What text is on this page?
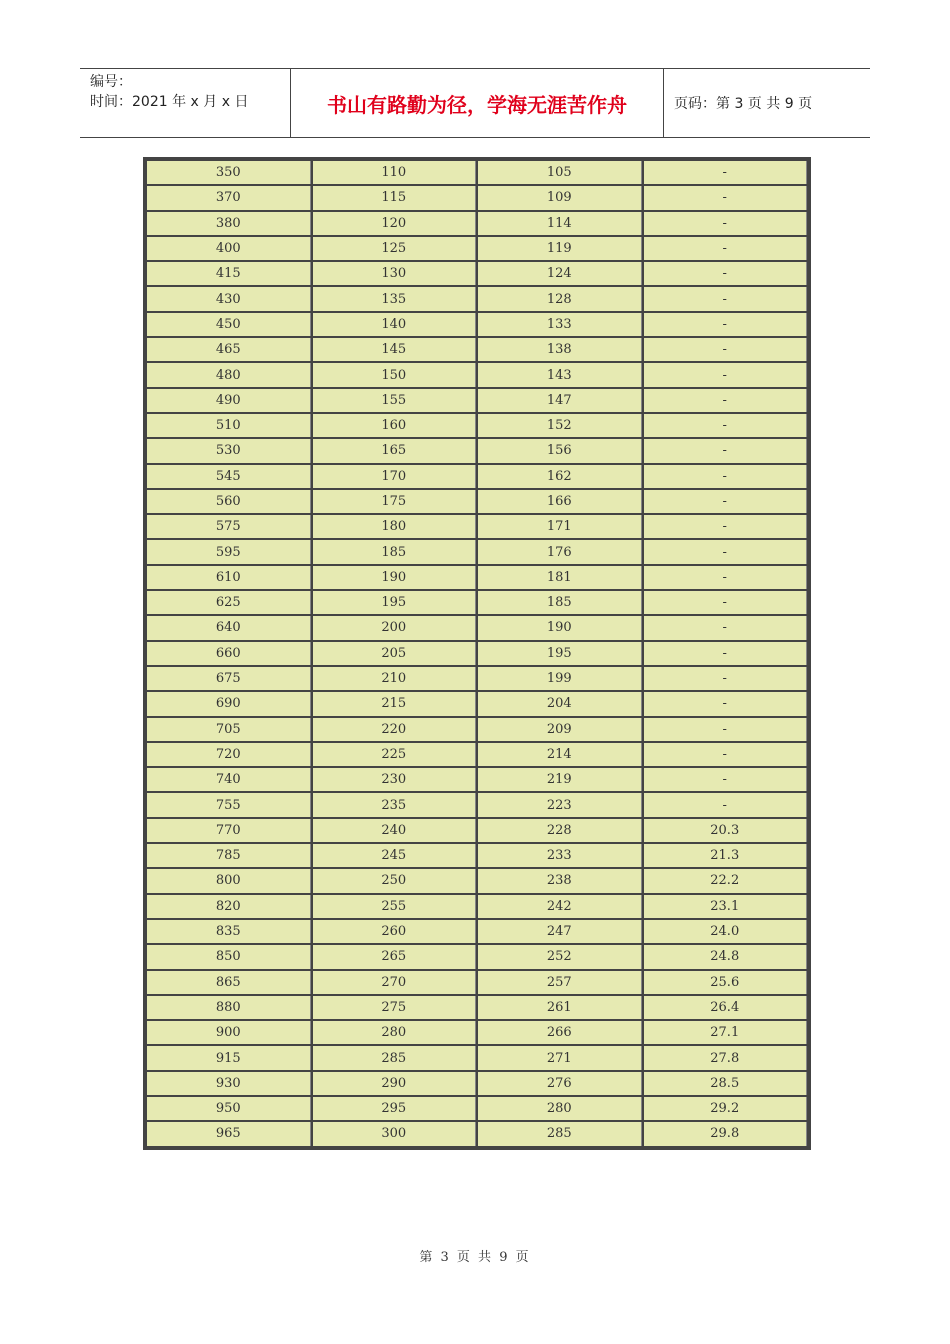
编号：
时间：2021 年 x 月 x 日	书山有路勤为径，学海无涯苦作舟	页码：第 3 页 共 9 页
350	110	105	-
370	115	109	-
380	120	114	-
400	125	119	-
415	130	124	-
430	135	128	-
450	140	133	-
465	145	138	-
480	150	143	-
490	155	147	-
510	160	152	-
530	165	156	-
545	170	162	-
560	175	166	-
575	180	171	-
595	185	176	-
610	190	181	-
625	195	185	-
640	200	190	-
660	205	195	-
675	210	199	-
690	215	204	-
705	220	209	-
720	225	214	-
740	230	219	-
755	235	223	-
770	240	228	20.3
785	245	233	21.3
800	250	238	22.2
820	255	242	23.1
835	260	247	24.0
850	265	252	24.8
865	270	257	25.6
880	275	261	26.4
900	280	266	27.1
915	285	271	27.8
930	290	276	28.5
950	295	280	29.2
965	300	285	29.8
第 3 页 共 9 页
